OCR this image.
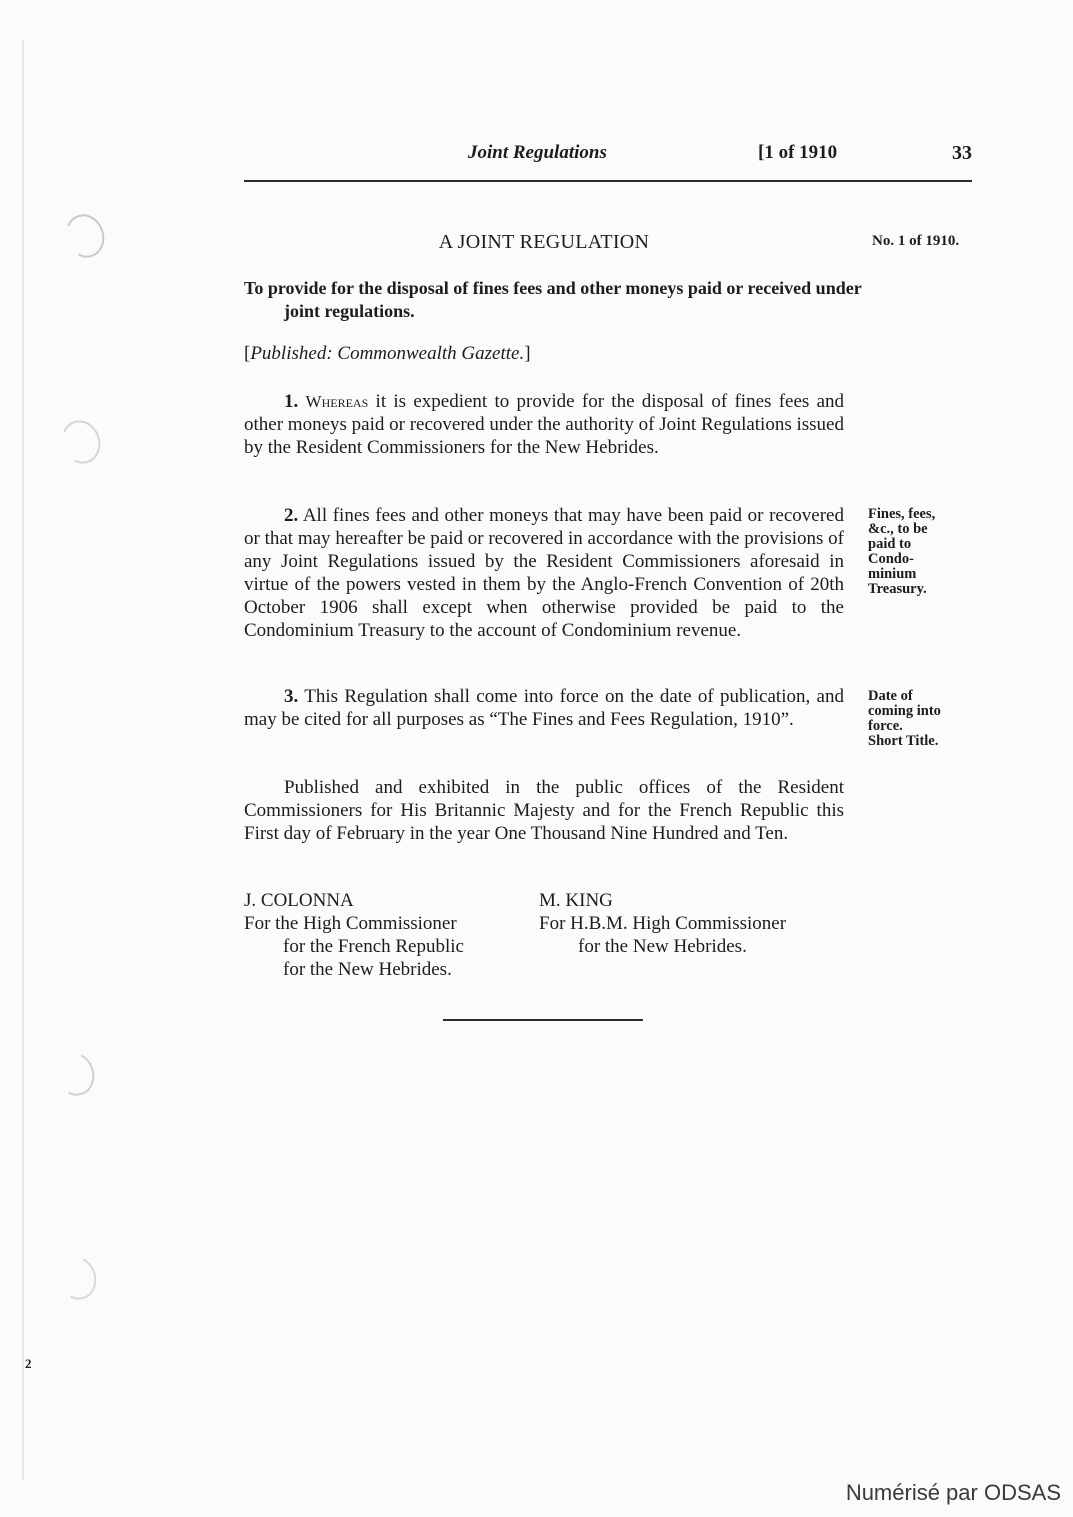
Joint Regulations	[1 of 1910	33
A JOINT REGULATION	No. 1 of 1910.
To provide for the disposal of fines fees and other moneys paid or received under joint regulations.
[Published: Commonwealth Gazette.]
1. Whereas it is expedient to provide for the disposal of fines fees and other moneys paid or recovered under the authority of Joint Regulations issued by the Resident Commissioners for the New Hebrides.
2. All fines fees and other moneys that may have been paid or recovered or that may hereafter be paid or recovered in accordance with the provisions of any Joint Regulations issued by the Resident Commissioners aforesaid in virtue of the powers vested in them by the Anglo-French Convention of 20th October 1906 shall except when otherwise provided be paid to the Condominium Treasury to the account of Condominium revenue.
Fines, fees,
&c., to be
paid to
Condo-
minium
Treasury.
3. This Regulation shall come into force on the date of publication, and may be cited for all purposes as “The Fines and Fees Regulation, 1910”.
Date of
coming into
force.
Short Title.
Published and exhibited in the public offices of the Resident Commissioners for His Britannic Majesty and for the French Republic this First day of February in the year One Thousand Nine Hundred and Ten.
J. COLONNA
For the High Commissioner
for the French Republic
for the New Hebrides.
M. KING
For H.B.M. High Commissioner
for the New Hebrides.
2
Numérisé par ODSAS
